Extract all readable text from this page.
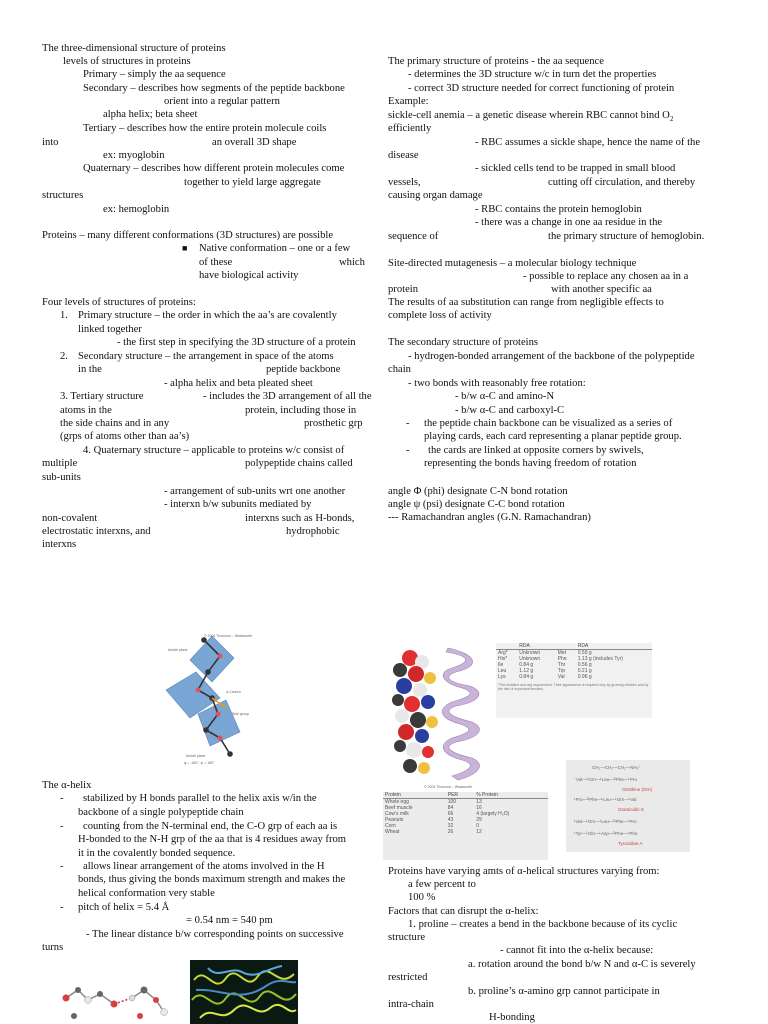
The three-dimensional structure of proteins
levels of structures in proteins
Primary – simply the aa sequence
Secondary – describes how segments of the peptide backbone
orient into a regular pattern
alpha helix; beta sheet
Tertiary – describes how the entire protein molecule coils
into	an overall 3D shape
ex: myoglobin
Quaternary – describes how different protein molecules come
together to yield large aggregate
structures
ex: hemoglobin
Proteins – many different conformations (3D structures) are possible
■ Native conformation – one or a few
of these	which
have biological activity
Four levels of structures of proteins:
1. Primary structure – the order in which the aa’s are covalently
linked together
- the first step in specifying the 3D structure of a protein
2. Secondary structure – the arrangement in space of the atoms
in the	peptide backbone
- alpha helix and beta pleated sheet
3. Tertiary structure	- includes the 3D arrangement of all the
atoms in the	protein, including those in
the side chains and in any	prosthetic grp
(grps of atoms other than aa’s)
4. Quaternary structure – applicable to proteins w/c consist of
multiple	polypeptide chains called
sub-units
- arrangement of sub-units wrt one another
- interxn b/w subunits mediated by
non-covalent	interxns such as H-bonds,
electrostatic interxns, and	hydrophobic
interxns
The primary structure of proteins - the aa sequence
- determines the 3D structure w/c in turn det the properties
- correct 3D structure needed for correct functioning of protein
Example:
sickle-cell anemia – a genetic disease wherein RBC cannot bind $O_2$
efficiently
- RBC assumes a sickle shape, hence the name of the
disease
- sickled cells tend to be trapped in small blood
vessels,	cutting off circulation, and thereby
causing organ damage
- RBC contains the protein hemoglobin
- there was a change in one aa residue in the
sequence of	the primary structure of hemoglobin.
Site-directed mutagenesis – a molecular biology technique
- possible to replace any chosen aa in a
protein	with another specific aa
The results of aa substitution can range from negligible effects to
complete loss of activity
The secondary structure of proteins
- hydrogen-bonded arrangement of the backbone of the polypeptide
chain
- two bonds with reasonably free rotation:
- b/w α-C and amino-N
- b/w α-C and carboxyl-C
- the peptide chain backbone can be visualized as a series of
playing cards, each card representing a planar peptide group.
- the cards are linked at opposite corners by swivels,
representing the bonds having freedom of rotation
angle Φ (phi) designate C-N bond rotation
angle ψ (psi) designate C-C bond rotation
--- Ramachandran angles (G.N. Ramachandran)
© 2004 Thomson – Wadsworth
Amide plane
α-Carbon
Side group
Amide plane
φ = -180°, ψ = 180°
© 2004 Thomson – Wadsworth
	RDA		RDA
Arg*	Unknown	Met	0.59 g
His*	Unknown	Phe	1.13 g (includes Tyr)
Ile	0.84 g	Thr	0.56 g
Leu	1.12 g	Trp	0.21 g
Lys	0.84 g	Val	0.96 g
*The histidine and arg requirement. Their appearance is required only by growing children and by the diet of expectant females.
Protein	PER	% Protein
Whole egg	100	13
Beef muscle	84	16
Cow’s milk	66	4 (largely H₂O)
Peanuts	43	29
Corn	32	0
Wheat	26	12
CH₂—CH₂—CH₂—NH₃⁺
ⁱ Val—ᴸOrn—ᴸLeu—ᴰPhe—ᴸPro
Ornithine (Orn)
ᴸPro—ᴰPhe—ᴸLeu—ᴸOrn—ᴸVal
Gramicidin S
ᴸVal—ᴸOrn—ᴸLeu—ᴰPhe—ᴸPro
ᴸTyr—ᴸGln—ᴸAsp—ᴰPhe—ᴸPhe
Tyrocidine A
The α-helix
- stabilized by H bonds parallel to the helix axis w/in the
backbone of a single polypeptide chain
- counting from the N-terminal end, the C-O grp of each aa is
H-bonded to the N-H grp of the aa that is 4 residues away from
it in the covalently bonded sequence.
- allows linear arrangement of the atoms involved in the H
bonds, thus giving the bonds maximum strength and makes the
helical conformation very stable
- pitch of helix = 5.4 Å
= 0.54 nm = 540 pm
- The linear distance b/w corresponding points on successive
turns
Proteins have varying amts of α-helical structures varying from:
a few percent to
100 %
Factors that can disrupt the α-helix:
1. proline – creates a bend in the backbone because of its cyclic
structure
- cannot fit into the α-helix because:
a. rotation around the bond b/w N and α-C is severely
restricted
b. proline’s α-amino grp cannot participate in
intra-chain
H-bonding
